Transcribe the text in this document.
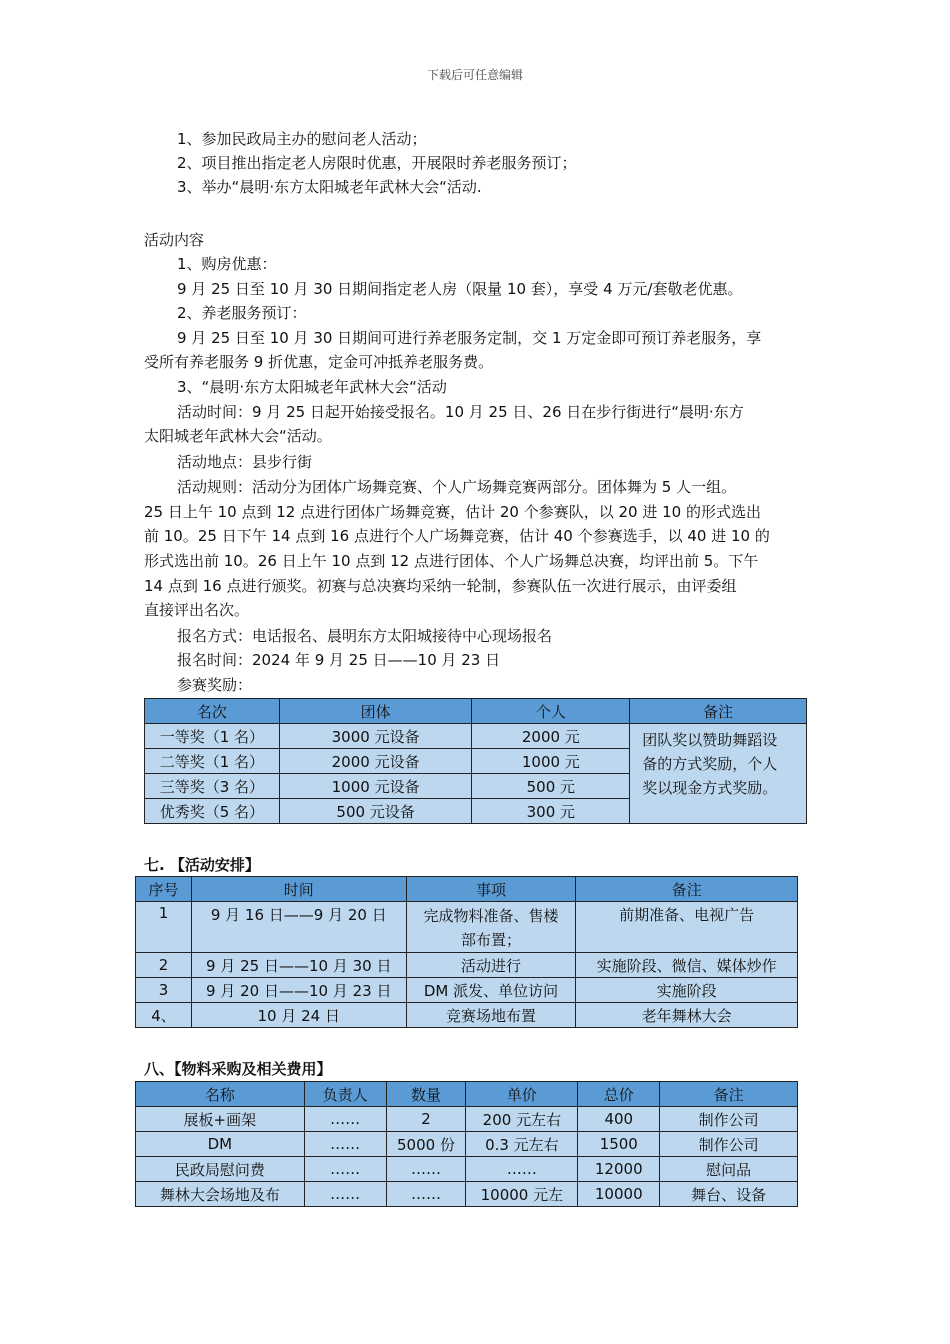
下载后可任意编辑
1、参加民政局主办的慰问老人活动；
2、项目推出指定老人房限时优惠，开展限时养老服务预订；
3、举办“晨明·东方太阳城老年武林大会“活动.
活动内容
1、购房优惠：
9 月 25 日至 10 月 30 日期间指定老人房（限量 10 套），享受 4 万元/套敬老优惠。
2、养老服务预订：
9 月 25 日至 10 月 30 日期间可进行养老服务定制，交 1 万定金即可预订养老服务，享
受所有养老服务 9 折优惠，定金可冲抵养老服务费。
3、“晨明·东方太阳城老年武林大会“活动
活动时间：9 月 25 日起开始接受报名。10 月 25 日、26 日在步行街进行“晨明·东方
太阳城老年武林大会“活动。
活动地点：县步行街
活动规则：活动分为团体广场舞竞赛、个人广场舞竞赛两部分。团体舞为 5 人一组。
25 日上午 10 点到 12 点进行团体广场舞竞赛，估计 20 个参赛队，以 20 进 10 的形式选出
前 10。25 日下午 14 点到 16 点进行个人广场舞竞赛，估计 40 个参赛选手，以 40 进 10 的
形式选出前 10。26 日上午 10 点到 12 点进行团体、个人广场舞总决赛，均评出前 5。下午
14 点到 16 点进行颁奖。初赛与总决赛均采纳一轮制，参赛队伍一次进行展示，由评委组
直接评出名次。
报名方式：电话报名、晨明东方太阳城接待中心现场报名
报名时间：2024 年 9 月 25 日——10 月 23 日
参赛奖励：
名次	团体	个人	备注
一等奖（1 名）	3000 元设备	2000 元	团队奖以赞助舞蹈设
备的方式奖励，个人
奖以现金方式奖励。

二等奖（1 名）	2000 元设备	1000 元	
三等奖（3 名）	1000 元设备	500 元	
优秀奖（5 名）	500 元设备	300 元	
七. 【活动安排】
序号	时间	事项	备注
1	9 月 16 日——9 月 20 日	完成物料准备、售楼
部布置；	前期准备、电视广告
2	9 月 25 日——10 月 30 日	活动进行	实施阶段、微信、媒体炒作
3	9 月 20 日——10 月 23 日	DM 派发、单位访问	实施阶段
4、	10 月 24 日	竞赛场地布置	老年舞林大会
八、【物料采购及相关费用】
名称	负责人	数量	单价	总价	备注
展板+画架	……	2	200 元左右	400	制作公司
DM	……	5000 份	0.3 元左右	1500	制作公司
民政局慰问费	……	……	……	12000	慰问品
舞林大会场地及布	……	……	10000 元左	10000	舞台、设备
